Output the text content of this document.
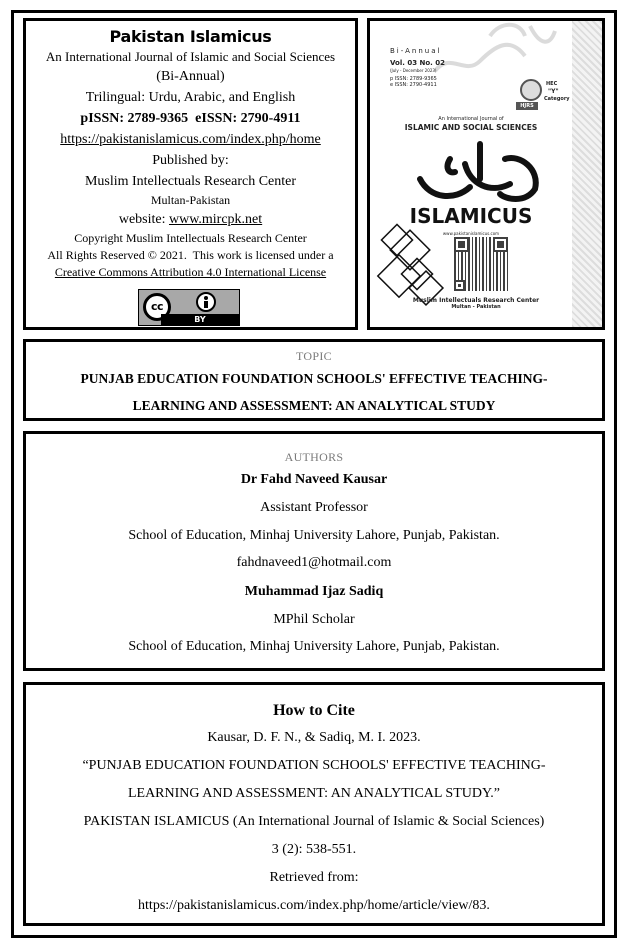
Pakistan Islamicus
An International Journal of Islamic and Social Sciences
(Bi-Annual)
Trilingual: Urdu, Arabic, and English
pISSN: 2789-9365  eISSN: 2790-4911
https://pakistanislamicus.com/index.php/home
Published by:
Muslim Intellectuals Research Center
Multan-Pakistan
website: www.mircpk.net
Copyright Muslim Intellectuals Research Center
All Rights Reserved © 2021.  This work is licensed under a
Creative Commons Attribution 4.0 International License
cc
BY
Bi-Annual
Vol. 03 No. 02
(July - December 2023)
p ISSN: 2789-9365
e ISSN: 2790-4911	HEC
"Y"
Category
HJRS
An International Journal of
ISLAMIC AND SOCIAL SCIENCES
ISLAMICUS
www.pakistanislamicus.com
Muslim Intellectuals Research Center
Multan - Pakistan
TOPIC
PUNJAB EDUCATION FOUNDATION SCHOOLS' EFFECTIVE TEACHING-
LEARNING AND ASSESSMENT: AN ANALYTICAL STUDY
AUTHORS
Dr Fahd Naveed Kausar
Assistant Professor
School of Education, Minhaj University Lahore, Punjab, Pakistan.
fahdnaveed1@hotmail.com
Muhammad Ijaz Sadiq
MPhil Scholar
School of Education, Minhaj University Lahore, Punjab, Pakistan.
How to Cite
Kausar, D. F. N., & Sadiq, M. I. 2023.
“PUNJAB EDUCATION FOUNDATION SCHOOLS' EFFECTIVE TEACHING-
LEARNING AND ASSESSMENT: AN ANALYTICAL STUDY.”
PAKISTAN ISLAMICUS (An International Journal of Islamic & Social Sciences)
3 (2): 538-551.
Retrieved from:
https://pakistanislamicus.com/index.php/home/article/view/83.
